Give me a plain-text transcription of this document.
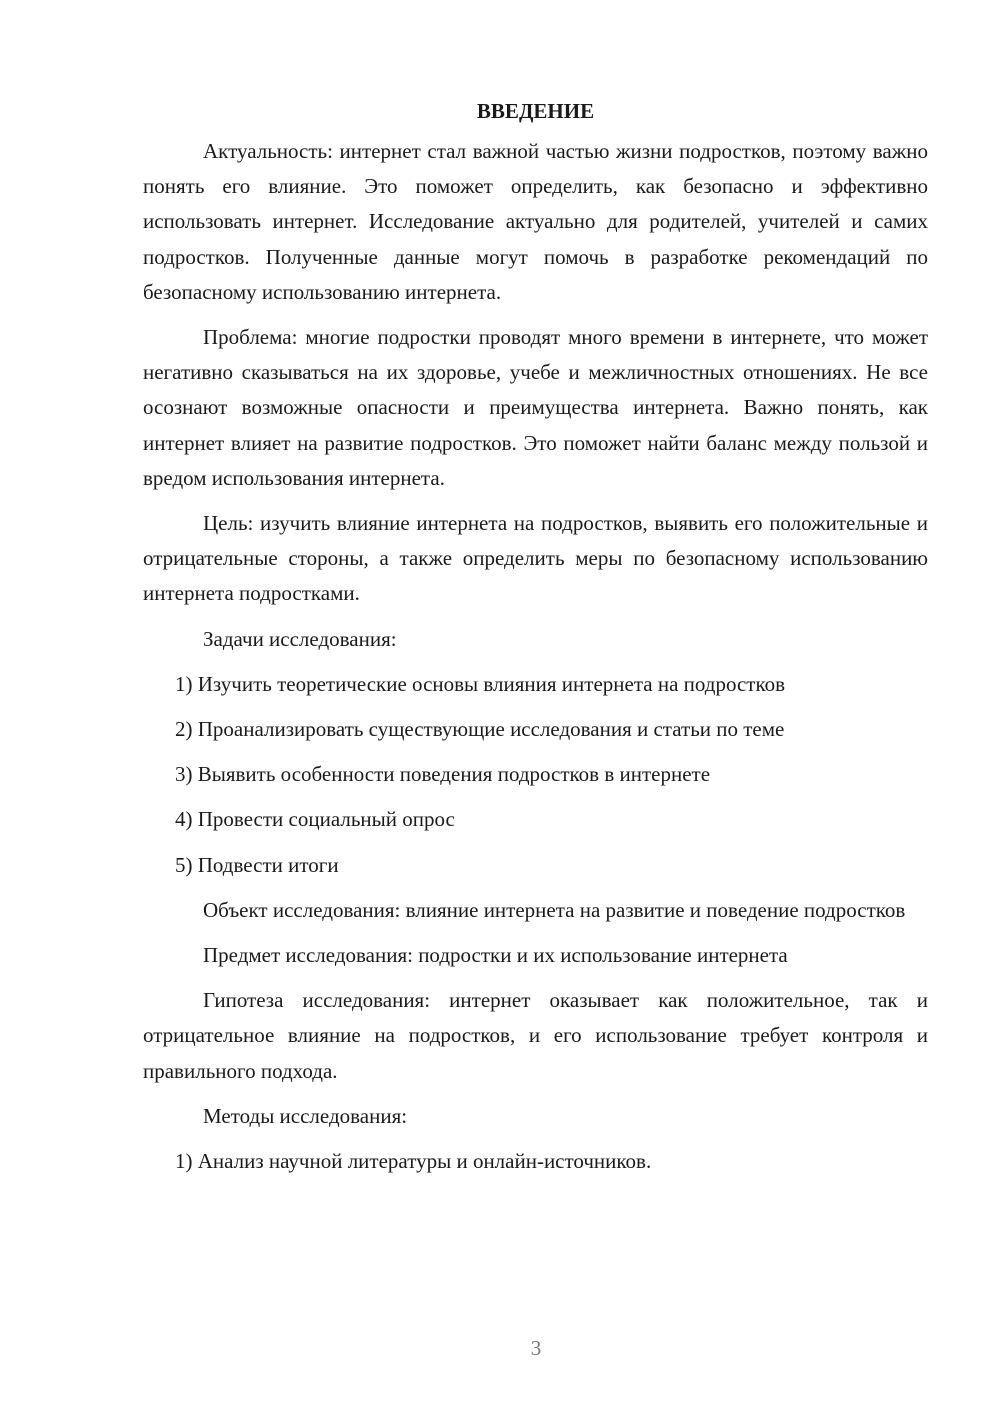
ВВЕДЕНИЕ

Актуальность: интернет стал важной частью жизни подростков, поэтому важно понять его влияние. Это поможет определить, как безопасно и эффективно использовать интернет. Исследование актуально для родителей, учителей и самих подростков. Полученные данные могут помочь в разработке рекомендаций по безопасному использованию интернета.

Проблема: многие подростки проводят много времени в интернете, что может негативно сказываться на их здоровье, учебе и межличностных отношениях. Не все осознают возможные опасности и преимущества интернета. Важно понять, как интернет влияет на развитие подростков. Это поможет найти баланс между пользой и вредом использования интернета.

Цель: изучить влияние интернета на подростков, выявить его положительные и отрицательные стороны, а также определить меры по безопасному использованию интернета подростками.

Задачи исследования:

1) Изучить теоретические основы влияния интернета на подростков
2) Проанализировать существующие исследования и статьи по теме
3) Выявить особенности поведения подростков в интернете
4) Провести социальный опрос
5) Подвести итоги

Объект исследования: влияние интернета на развитие и поведение подростков

Предмет исследования: подростки и их использование интернета

Гипотеза исследования: интернет оказывает как положительное, так и отрицательное влияние на подростков, и его использование требует контроля и правильного подхода.

Методы исследования:

1) Анализ научной литературы и онлайн-источников.
3
